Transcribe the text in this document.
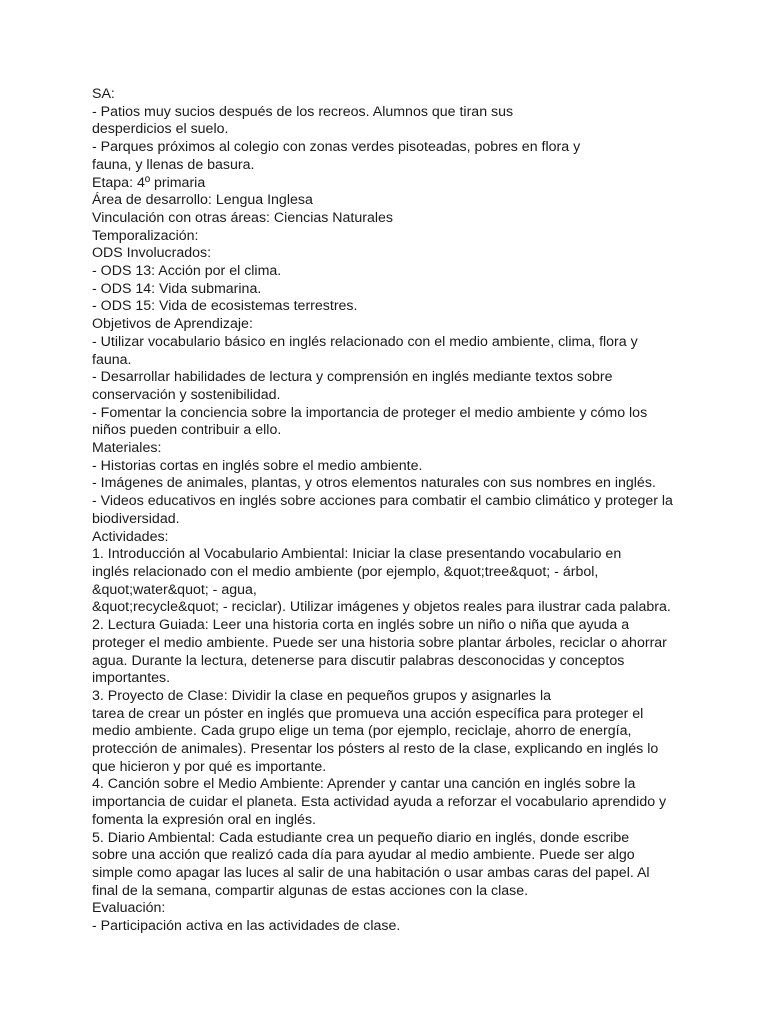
SA:
- Patios muy sucios después de los recreos. Alumnos que tiran sus
desperdicios el suelo.
- Parques próximos al colegio con zonas verdes pisoteadas, pobres en flora y
fauna, y llenas de basura.
Etapa: 4º primaria
Área de desarrollo: Lengua Inglesa
Vinculación con otras áreas: Ciencias Naturales
Temporalización:
ODS Involucrados:
- ODS 13: Acción por el clima.
- ODS 14: Vida submarina.
- ODS 15: Vida de ecosistemas terrestres.
Objetivos de Aprendizaje:
- Utilizar vocabulario básico en inglés relacionado con el medio ambiente, clima, flora y
fauna.
- Desarrollar habilidades de lectura y comprensión en inglés mediante textos sobre
conservación y sostenibilidad.
- Fomentar la conciencia sobre la importancia de proteger el medio ambiente y cómo los
niños pueden contribuir a ello.
Materiales:
- Historias cortas en inglés sobre el medio ambiente.
- Imágenes de animales, plantas, y otros elementos naturales con sus nombres en inglés.
- Videos educativos en inglés sobre acciones para combatir el cambio climático y proteger la
biodiversidad.
Actividades:
1. Introducción al Vocabulario Ambiental: Iniciar la clase presentando vocabulario en
inglés relacionado con el medio ambiente (por ejemplo, &quot;tree&quot; - árbol,
&quot;water&quot; - agua,
&quot;recycle&quot; - reciclar). Utilizar imágenes y objetos reales para ilustrar cada palabra.
2. Lectura Guiada: Leer una historia corta en inglés sobre un niño o niña que ayuda a
proteger el medio ambiente. Puede ser una historia sobre plantar árboles, reciclar o ahorrar
agua. Durante la lectura, detenerse para discutir palabras desconocidas y conceptos
importantes.
3. Proyecto de Clase: Dividir la clase en pequeños grupos y asignarles la
tarea de crear un póster en inglés que promueva una acción específica para proteger el
medio ambiente. Cada grupo elige un tema (por ejemplo, reciclaje, ahorro de energía,
protección de animales). Presentar los pósters al resto de la clase, explicando en inglés lo
que hicieron y por qué es importante.
4. Canción sobre el Medio Ambiente: Aprender y cantar una canción en inglés sobre la
importancia de cuidar el planeta. Esta actividad ayuda a reforzar el vocabulario aprendido y
fomenta la expresión oral en inglés.
5. Diario Ambiental: Cada estudiante crea un pequeño diario en inglés, donde escribe
sobre una acción que realizó cada día para ayudar al medio ambiente. Puede ser algo
simple como apagar las luces al salir de una habitación o usar ambas caras del papel. Al
final de la semana, compartir algunas de estas acciones con la clase.
Evaluación:
- Participación activa en las actividades de clase.
